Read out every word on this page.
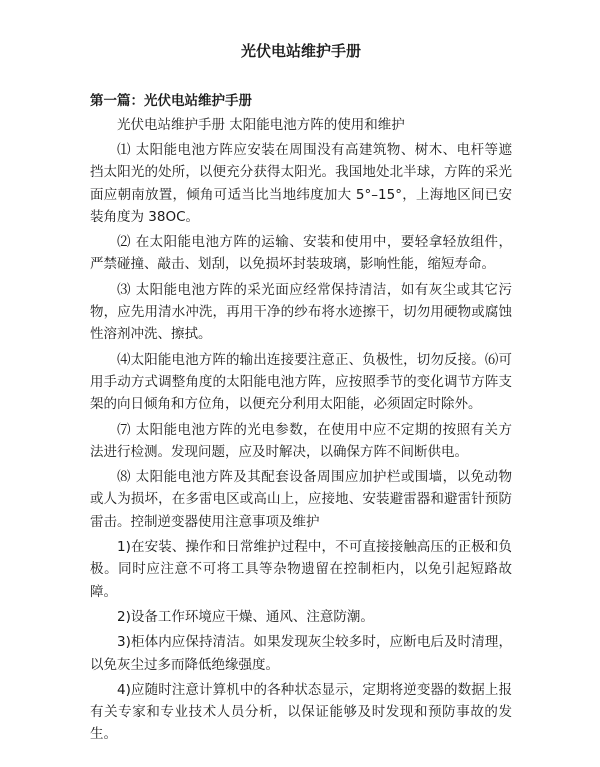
光伏电站维护手册
第一篇：光伏电站维护手册
光伏电站维护手册 太阳能电池方阵的使用和维护

⑴ 太阳能电池方阵应安装在周围没有高建筑物、树木、电杆等遮挡太阳光的处所，以便充分获得太阳光。我国地处北半球，方阵的采光面应朝南放置，倾角可适当比当地纬度加大 5°–15°，上海地区间已安装角度为 38OC。

⑵ 在太阳能电池方阵的运输、安装和使用中，要轻拿轻放组件，严禁碰撞、敲击、划刮，以免损坏封装玻璃，影响性能，缩短寿命。

⑶ 太阳能电池方阵的采光面应经常保持清洁，如有灰尘或其它污物，应先用清水冲洗，再用干净的纱布将水迹擦干，切勿用硬物或腐蚀性溶剂冲洗、擦拭。

⑷太阳能电池方阵的输出连接要注意正、负极性，切勿反接。⑹可用手动方式调整角度的太阳能电池方阵，应按照季节的变化调节方阵支架的向日倾角和方位角，以便充分利用太阳能，必须固定时除外。

⑺ 太阳能电池方阵的光电参数，在使用中应不定期的按照有关方法进行检测。发现问题，应及时解决，以确保方阵不间断供电。

⑻ 太阳能电池方阵及其配套设备周围应加护栏或围墙，以免动物或人为损坏，在多雷电区或高山上，应接地、安装避雷器和避雷针预防雷击。控制逆变器使用注意事项及维护

1)在安装、操作和日常维护过程中，不可直接接触高压的正极和负极。同时应注意不可将工具等杂物遗留在控制柜内，以免引起短路故障。

2)设备工作环境应干燥、通风、注意防潮。

3)柜体内应保持清洁。如果发现灰尘较多时，应断电后及时清理，以免灰尘过多而降低绝缘强度。

4)应随时注意计算机中的各种状态显示，定期将逆变器的数据上报有关专家和专业技术人员分析，以保证能够及时发现和预防事故的发生。
